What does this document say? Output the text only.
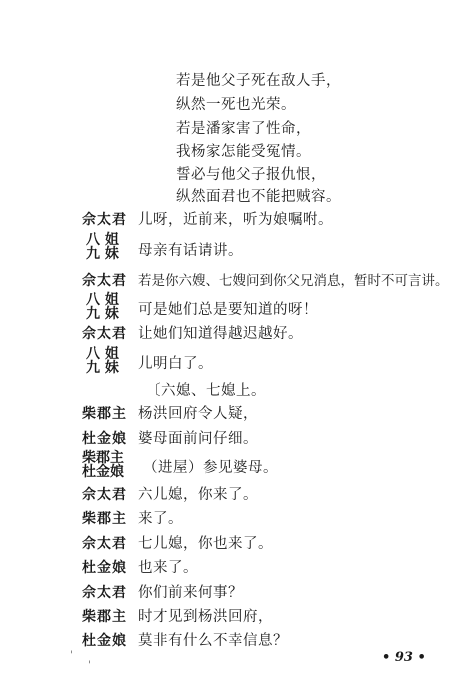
若是他父子死在敌人手，
纵然一死也光荣。
若是潘家害了性命，
我杨家怎能受冤情。
誓必与他父子报仇恨，
纵然面君也不能把贼容。
佘太君 儿呀，近前来，听为娘嘱咐。
八 姐
九 妹 母亲有话请讲。
佘太君 若是你六嫂、七嫂问到你父兄消息，暂时不可言讲。
八 姐
九 妹 可是她们总是要知道的呀！
佘太君 让她们知道得越迟越好。
八 姐
九 妹 儿明白了。
〔六媳、七媳上。
柴郡主 杨洪回府令人疑，
杜金娘 婆母面前问仔细。
柴郡主
杜金娘 （进屋）参见婆母。
佘太君 六儿媳，你来了。
柴郡主 来了。
佘太君 七儿媳，你也来了。
杜金娘 也来了。
佘太君 你们前来何事？
柴郡主 时才见到杨洪回府，
杜金娘 莫非有什么不幸信息？
'
'
• 93 •
